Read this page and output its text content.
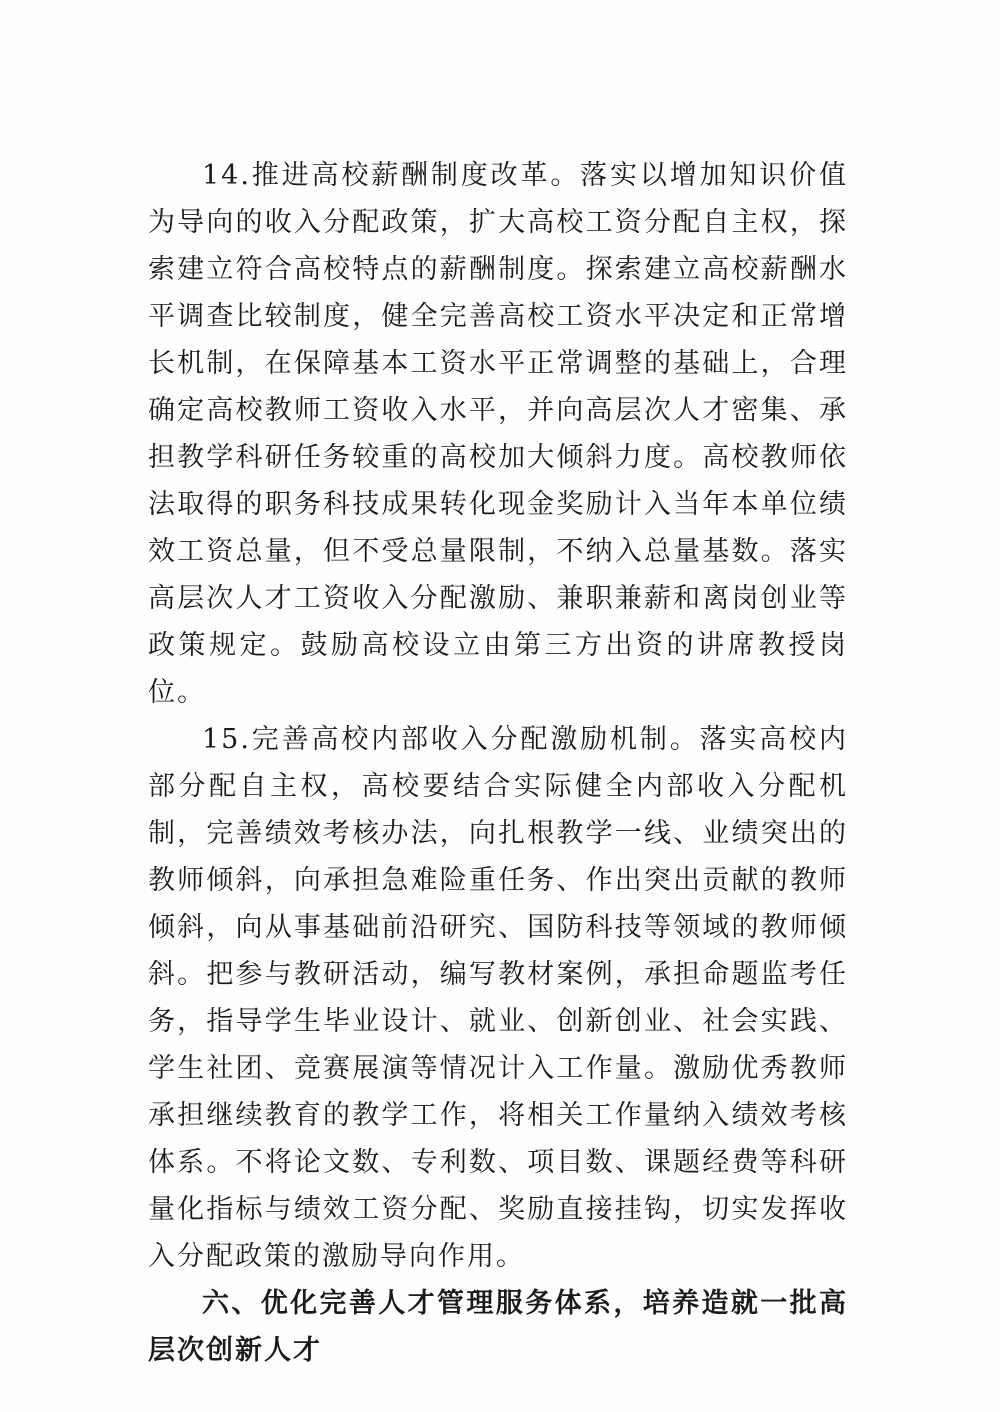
14.推进高校薪酬制度改革。落实以增加知识价值为导向的收入分配政策，扩大高校工资分配自主权，探索建立符合高校特点的薪酬制度。探索建立高校薪酬水平调查比较制度，健全完善高校工资水平决定和正常增长机制，在保障基本工资水平正常调整的基础上，合理确定高校教师工资收入水平，并向高层次人才密集、承担教学科研任务较重的高校加大倾斜力度。高校教师依法取得的职务科技成果转化现金奖励计入当年本单位绩效工资总量，但不受总量限制，不纳入总量基数。落实高层次人才工资收入分配激励、兼职兼薪和离岗创业等政策规定。鼓励高校设立由第三方出资的讲席教授岗位。

15.完善高校内部收入分配激励机制。落实高校内部分配自主权，高校要结合实际健全内部收入分配机制，完善绩效考核办法，向扎根教学一线、业绩突出的教师倾斜，向承担急难险重任务、作出突出贡献的教师倾斜，向从事基础前沿研究、国防科技等领域的教师倾斜。把参与教研活动，编写教材案例，承担命题监考任务，指导学生毕业设计、就业、创新创业、社会实践、学生社团、竞赛展演等情况计入工作量。激励优秀教师承担继续教育的教学工作，将相关工作量纳入绩效考核体系。不将论文数、专利数、项目数、课题经费等科研量化指标与绩效工资分配、奖励直接挂钩，切实发挥收入分配政策的激励导向作用。

六、优化完善人才管理服务体系，培养造就一批高层次创新人才
